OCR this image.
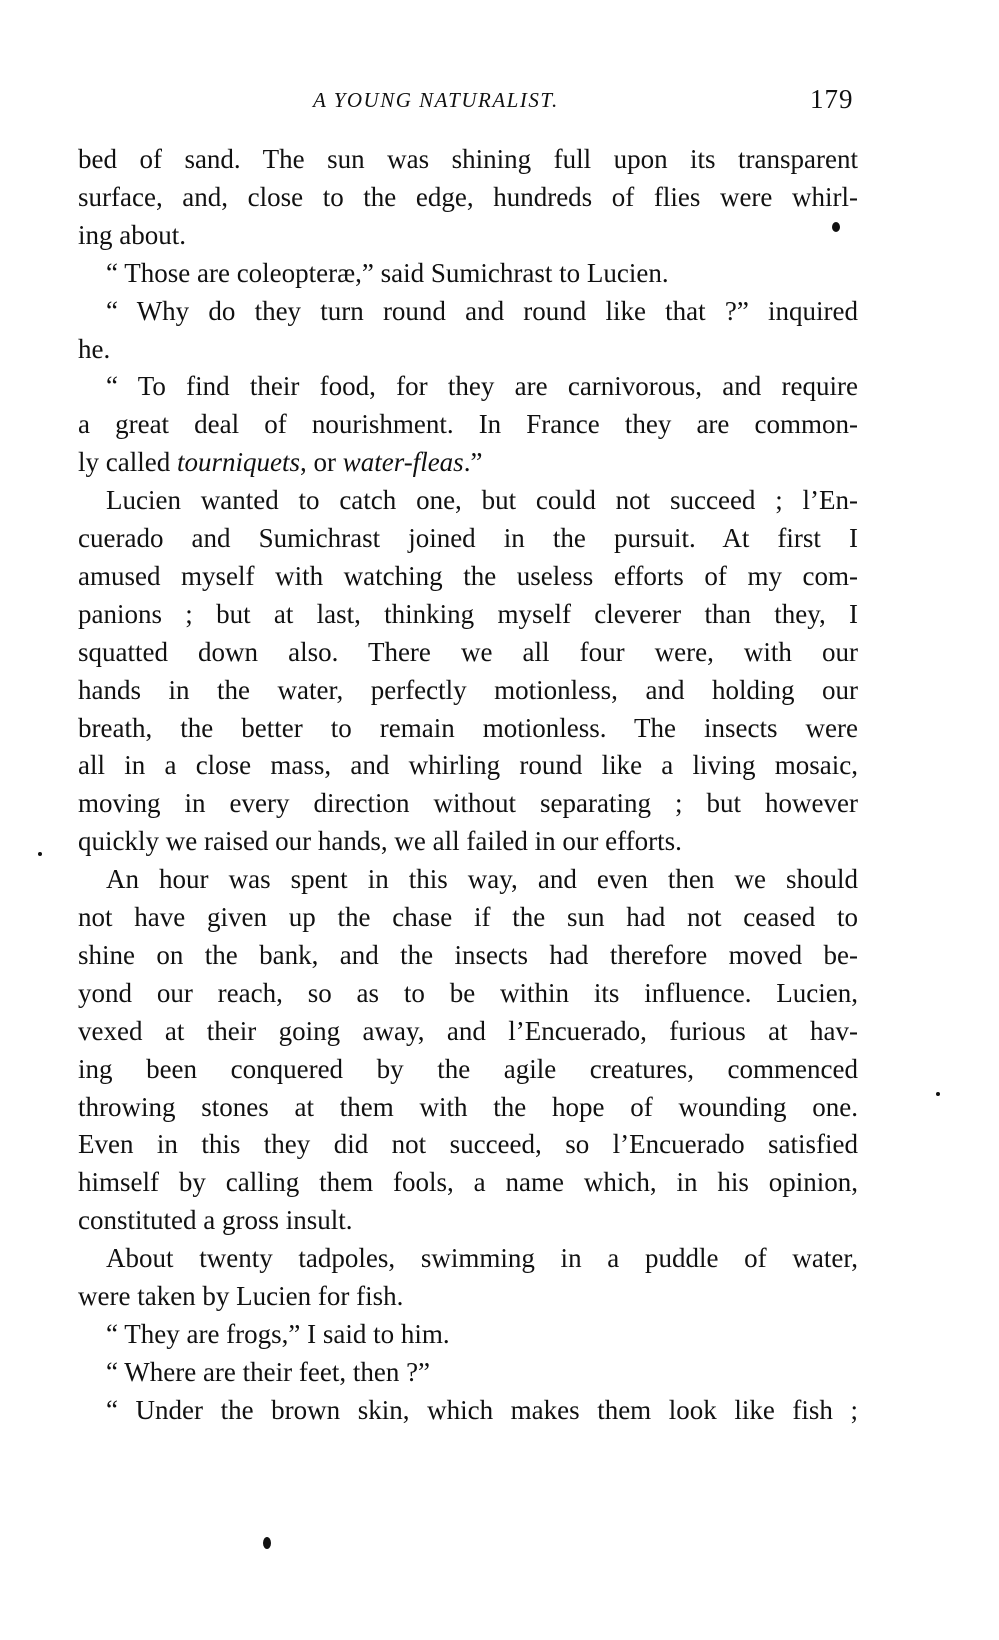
A YOUNG NATURALIST.	179
bed of sand. The sun was shining full upon its transparent
surface, and, close to the edge, hundreds of flies were whirl-
ing about.
“ Those are coleopteræ,” said Sumichrast to Lucien.
“ Why do they turn round and round like that ?” inquired
he.
“ To find their food, for they are carnivorous, and require
a great deal of nourishment. In France they are common-
ly called tourniquets, or water-fleas.”
Lucien wanted to catch one, but could not succeed ; l’En-
cuerado and Sumichrast joined in the pursuit. At first I
amused myself with watching the useless efforts of my com-
panions ; but at last, thinking myself cleverer than they, I
squatted down also. There we all four were, with our
hands in the water, perfectly motionless, and holding our
breath, the better to remain motionless. The insects were
all in a close mass, and whirling round like a living mosaic,
moving in every direction without separating ; but however
quickly we raised our hands, we all failed in our efforts.
An hour was spent in this way, and even then we should
not have given up the chase if the sun had not ceased to
shine on the bank, and the insects had therefore moved be-
yond our reach, so as to be within its influence. Lucien,
vexed at their going away, and l’Encuerado, furious at hav-
ing been conquered by the agile creatures, commenced
throwing stones at them with the hope of wounding one.
Even in this they did not succeed, so l’Encuerado satisfied
himself by calling them fools, a name which, in his opinion,
constituted a gross insult.
About twenty tadpoles, swimming in a puddle of water,
were taken by Lucien for fish.
“ They are frogs,” I said to him.
“ Where are their feet, then ?”
“ Under the brown skin, which makes them look like fish ;
